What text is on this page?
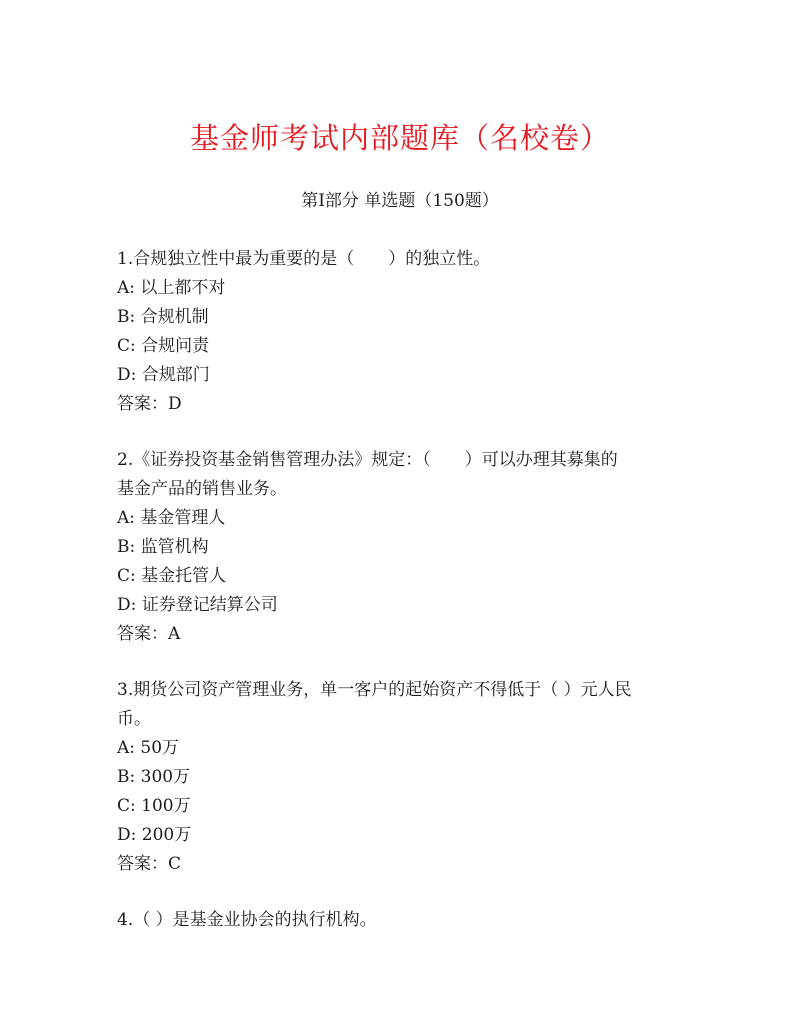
基金师考试内部题库（名校卷）
第I部分 单选题（150题）
1.合规独立性中最为重要的是（　　）的独立性。
A: 以上都不对
B: 合规机制
C: 合规问责
D: 合规部门
答案：D
2.《证券投资基金销售管理办法》规定：（　　）可以办理其募集的
基金产品的销售业务。
A: 基金管理人
B: 监管机构
C: 基金托管人
D: 证券登记结算公司
答案：A
3.期货公司资产管理业务，单一客户的起始资产不得低于（ ）元人民
币。
A: 50万
B: 300万
C: 100万
D: 200万
答案：C
4.（ ）是基金业协会的执行机构。
